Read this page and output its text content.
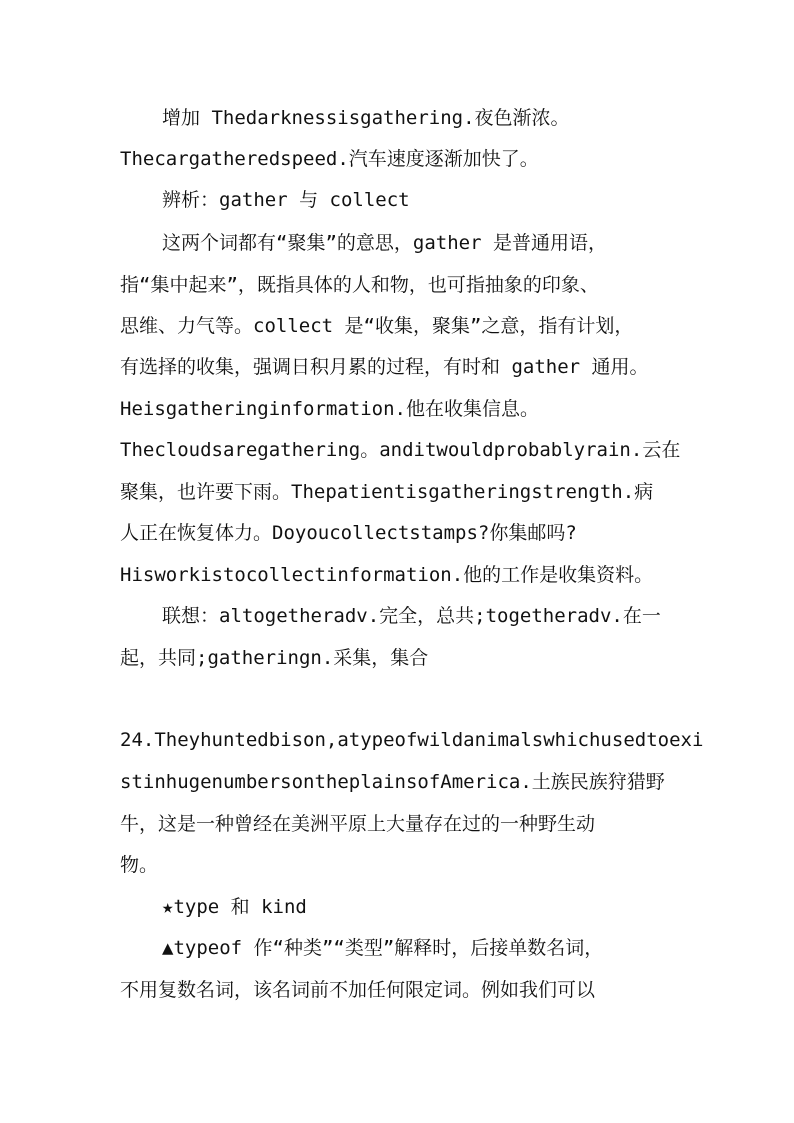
增加 Thedarknessisgathering.夜色渐浓。
Thecargatheredspeed.汽车速度逐渐加快了。
辨析：gather 与 collect
这两个词都有“聚集”的意思，gather 是普通用语，
指“集中起来”，既指具体的人和物，也可指抽象的印象、
思维、力气等。collect 是“收集，聚集”之意，指有计划，
有选择的收集，强调日积月累的过程，有时和 gather 通用。
Heisgatheringinformation.他在收集信息。
Thecloudsaregathering。anditwouldprobablyrain.云在
聚集，也许要下雨。Thepatientisgatheringstrength.病
人正在恢复体力。Doyoucollectstamps?你集邮吗?
Hisworkistocollectinformation.他的工作是收集资料。
联想：altogetheradv.完全，总共;togetheradv.在一
起，共同;gatheringn.采集，集合
24.Theyhuntedbison,atypeofwildanimalswhichusedtoexi
stinhugenumbersontheplainsofAmerica.土族民族狩猎野
牛，这是一种曾经在美洲平原上大量存在过的一种野生动
物。
★type 和 kind
▲typeof 作“种类”“类型”解释时，后接单数名词，
不用复数名词，该名词前不加任何限定词。例如我们可以
